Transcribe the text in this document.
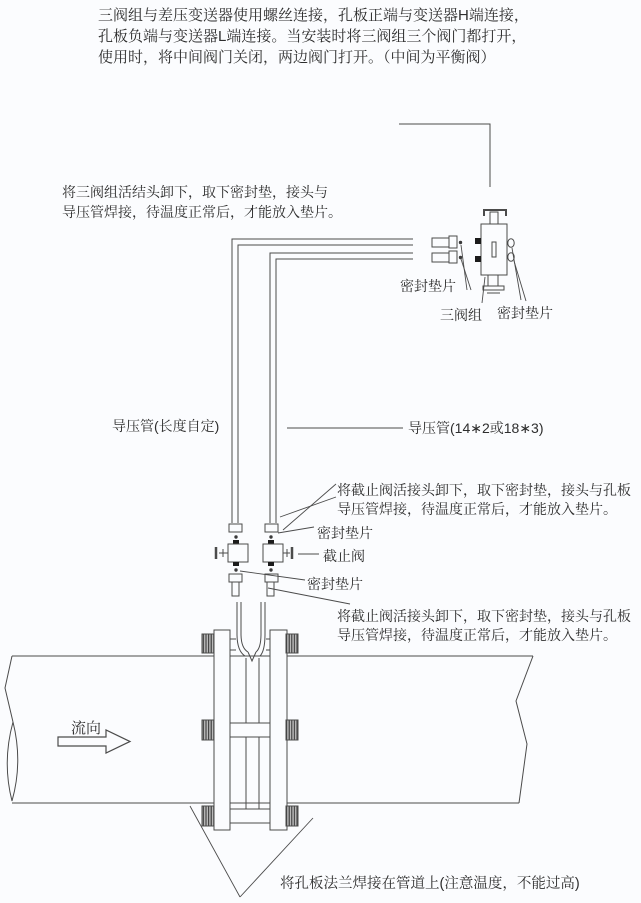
三阀组与差压变送器使用螺丝连接，孔板正端与变送器H端连接，
孔板负端与变送器L端连接。当安装时将三阀组三个阀门都打开，
使用时，将中间阀门关闭，两边阀门打开。（中间为平衡阀）
将三阀组活结头卸下，取下密封垫，接头与
导压管焊接，待温度正常后，才能放入垫片。
密封垫片
三阀组 密封垫片
导压管(长度自定)	导压管(14∗2或18∗3)
将截止阀活接头卸下，取下密封垫，接头与孔板
导压管焊接，待温度正常后，才能放入垫片。
密封垫片
截止阀
密封垫片
将截止阀活接头卸下，取下密封垫，接头与孔板
导压管焊接，待温度正常后，才能放入垫片。
流向
将孔板法兰焊接在管道上(注意温度，不能过高)
